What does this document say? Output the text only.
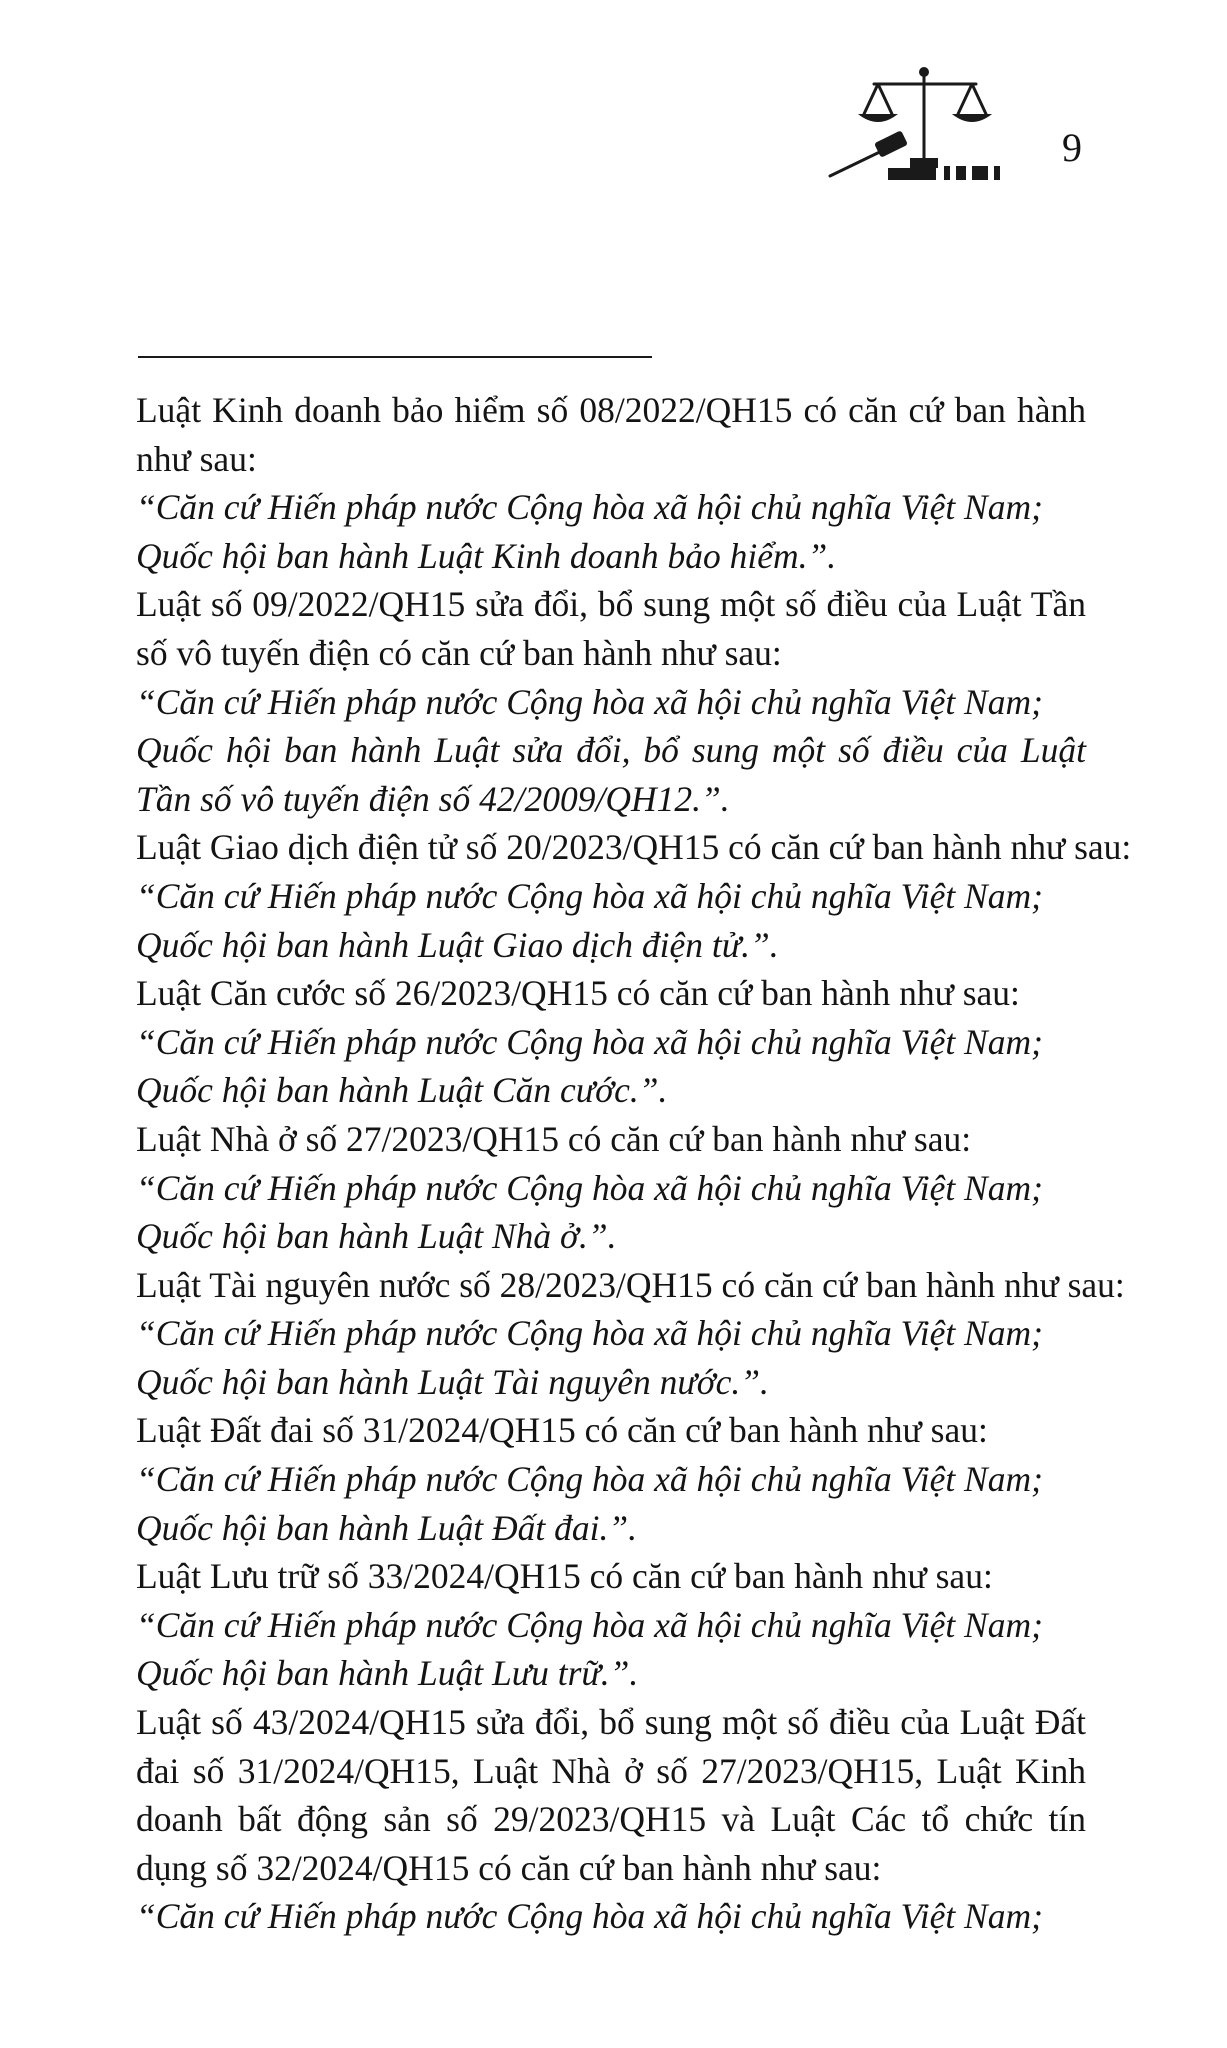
9
Luật Kinh doanh bảo hiểm số 08/2022/QH15 có căn cứ ban hành như sau:
“Căn cứ Hiến pháp nước Cộng hòa xã hội chủ nghĩa Việt Nam;
Quốc hội ban hành Luật Kinh doanh bảo hiểm.”.
Luật số 09/2022/QH15 sửa đổi, bổ sung một số điều của Luật Tần số vô tuyến điện có căn cứ ban hành như sau:
“Căn cứ Hiến pháp nước Cộng hòa xã hội chủ nghĩa Việt Nam;
Quốc hội ban hành Luật sửa đổi, bổ sung một số điều của Luật Tần số vô tuyến điện số 42/2009/QH12.”.
Luật Giao dịch điện tử số 20/2023/QH15 có căn cứ ban hành như sau:
“Căn cứ Hiến pháp nước Cộng hòa xã hội chủ nghĩa Việt Nam;
Quốc hội ban hành Luật Giao dịch điện tử.”.
Luật Căn cước số 26/2023/QH15 có căn cứ ban hành như sau:
“Căn cứ Hiến pháp nước Cộng hòa xã hội chủ nghĩa Việt Nam;
Quốc hội ban hành Luật Căn cước.”.
Luật Nhà ở số 27/2023/QH15 có căn cứ ban hành như sau:
“Căn cứ Hiến pháp nước Cộng hòa xã hội chủ nghĩa Việt Nam;
Quốc hội ban hành Luật Nhà ở.”.
Luật Tài nguyên nước số 28/2023/QH15 có căn cứ ban hành như sau:
“Căn cứ Hiến pháp nước Cộng hòa xã hội chủ nghĩa Việt Nam;
Quốc hội ban hành Luật Tài nguyên nước.”.
Luật Đất đai số 31/2024/QH15 có căn cứ ban hành như sau:
“Căn cứ Hiến pháp nước Cộng hòa xã hội chủ nghĩa Việt Nam;
Quốc hội ban hành Luật Đất đai.”.
Luật Lưu trữ số 33/2024/QH15 có căn cứ ban hành như sau:
“Căn cứ Hiến pháp nước Cộng hòa xã hội chủ nghĩa Việt Nam;
Quốc hội ban hành Luật Lưu trữ.”.
Luật số 43/2024/QH15 sửa đổi, bổ sung một số điều của Luật Đất đai số 31/2024/QH15, Luật Nhà ở số 27/2023/QH15, Luật Kinh doanh bất động sản số 29/2023/QH15 và Luật Các tổ chức tín dụng số 32/2024/QH15 có căn cứ ban hành như sau:
“Căn cứ Hiến pháp nước Cộng hòa xã hội chủ nghĩa Việt Nam;
